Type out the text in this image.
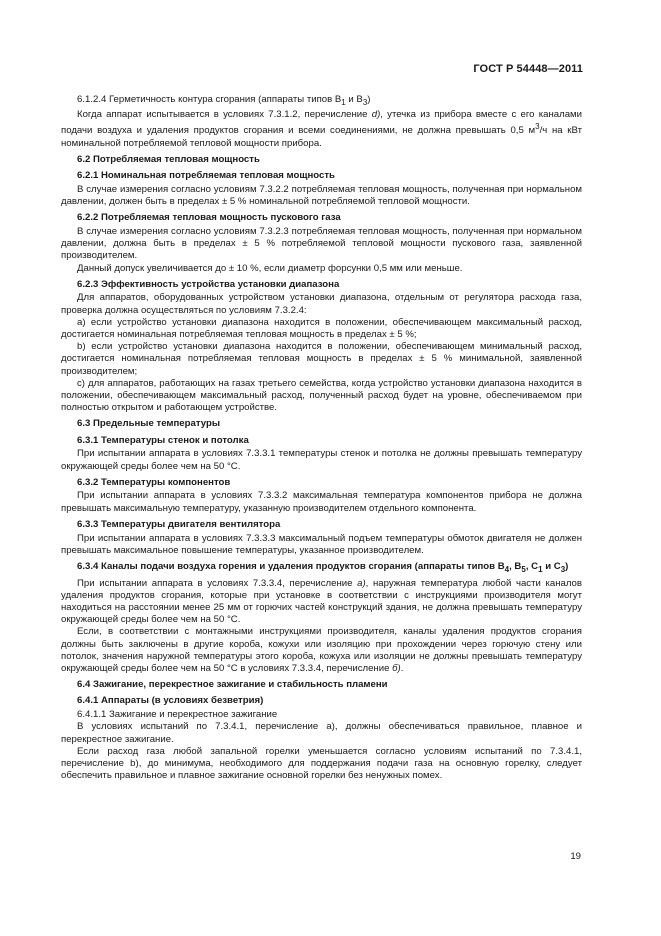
ГОСТ Р 54448—2011

6.1.2.4 Герметичность контура сгорания (аппараты типов $B_1$ и $B_3$)

Когда аппарат испытывается в условиях 7.3.1.2, перечисление d), утечка из прибора вместе с его каналами подачи воздуха и удаления продуктов сгорания и всеми соединениями, не должна превышать 0,5 $м^3/ч$ на кВт номинальной потребляемой тепловой мощности прибора.

6.2 Потребляемая тепловая мощность

6.2.1 Номинальная потребляемая тепловая мощность

В случае измерения согласно условиям 7.3.2.2 потребляемая тепловая мощность, полученная при нормальном давлении, должен быть в пределах ± 5 % номинальной потребляемой тепловой мощности.

6.2.2 Потребляемая тепловая мощность пускового газа

В случае измерения согласно условиям 7.3.2.3 потребляемая тепловая мощность, полученная при нормальном давлении, должна быть в пределах ± 5 % потребляемой тепловой мощности пускового газа, заявленной производителем.

Данный допуск увеличивается до ± 10 %, если диаметр форсунки 0,5 мм или меньше.

6.2.3 Эффективность устройства установки диапазона

Для аппаратов, оборудованных устройством установки диапазона, отдельным от регулятора расхода газа, проверка должна осуществляться по условиям 7.3.2.4:

a) если устройство установки диапазона находится в положении, обеспечивающем максимальный расход, достигается номинальная потребляемая тепловая мощность в пределах ± 5 %;

b) если устройство установки диапазона находится в положении, обеспечивающем минимальный расход, достигается номинальная потребляемая тепловая мощность в пределах ± 5 % минимальной, заявленной производителем;

c) для аппаратов, работающих на газах третьего семейства, когда устройство установки диапазона находится в положении, обеспечивающем максимальный расход, полученный расход будет на уровне, обеспечиваемом при полностью открытом и работающем устройстве.

6.3 Предельные температуры

6.3.1 Температуры стенок и потолка

При испытании аппарата в условиях 7.3.3.1 температуры стенок и потолка не должны превышать температуру окружающей среды более чем на 50 °С.

6.3.2 Температуры компонентов

При испытании аппарата в условиях 7.3.3.2 максимальная температура компонентов прибора не должна превышать максимальную температуру, указанную производителем отдельного компонента.

6.3.3 Температуры двигателя вентилятора

При испытании аппарата в условиях 7.3.3.3 максимальный подъем температуры обмоток двигателя не должен превышать максимальное повышение температуры, указанное производителем.

6.3.4 Каналы подачи воздуха горения и удаления продуктов сгорания (аппараты типов $B_4$, $B_5$, $C_1$ и $C_3$)

При испытании аппарата в условиях 7.3.3.4, перечисление a), наружная температура любой части каналов удаления продуктов сгорания, которые при установке в соответствии с инструкциями производителя могут находиться на расстоянии менее 25 мм от горючих частей конструкций здания, не должна превышать температуру окружающей среды более чем на 50 °С.

Если, в соответствии с монтажными инструкциями производителя, каналы удаления продуктов сгорания должны быть заключены в другие короба, кожухи или изоляцию при прохождении через горючую стену или потолок, значения наружной температуры этого короба, кожуха или изоляции не должны превышать температуру окружающей среды более чем на 50 °С в условиях 7.3.3.4, перечисление б).

6.4 Зажигание, перекрестное зажигание и стабильность пламени

6.4.1 Аппараты (в условиях безветрия)

6.4.1.1 Зажигание и перекрестное зажигание

В условиях испытаний по 7.3.4.1, перечисление a), должны обеспечиваться правильное, плавное и перекрестное зажигание.

Если расход газа любой запальной горелки уменьшается согласно условиям испытаний по 7.3.4.1, перечисление b), до минимума, необходимого для поддержания подачи газа на основную горелку, следует обеспечить правильное и плавное зажигание основной горелки без ненужных помех.

19
